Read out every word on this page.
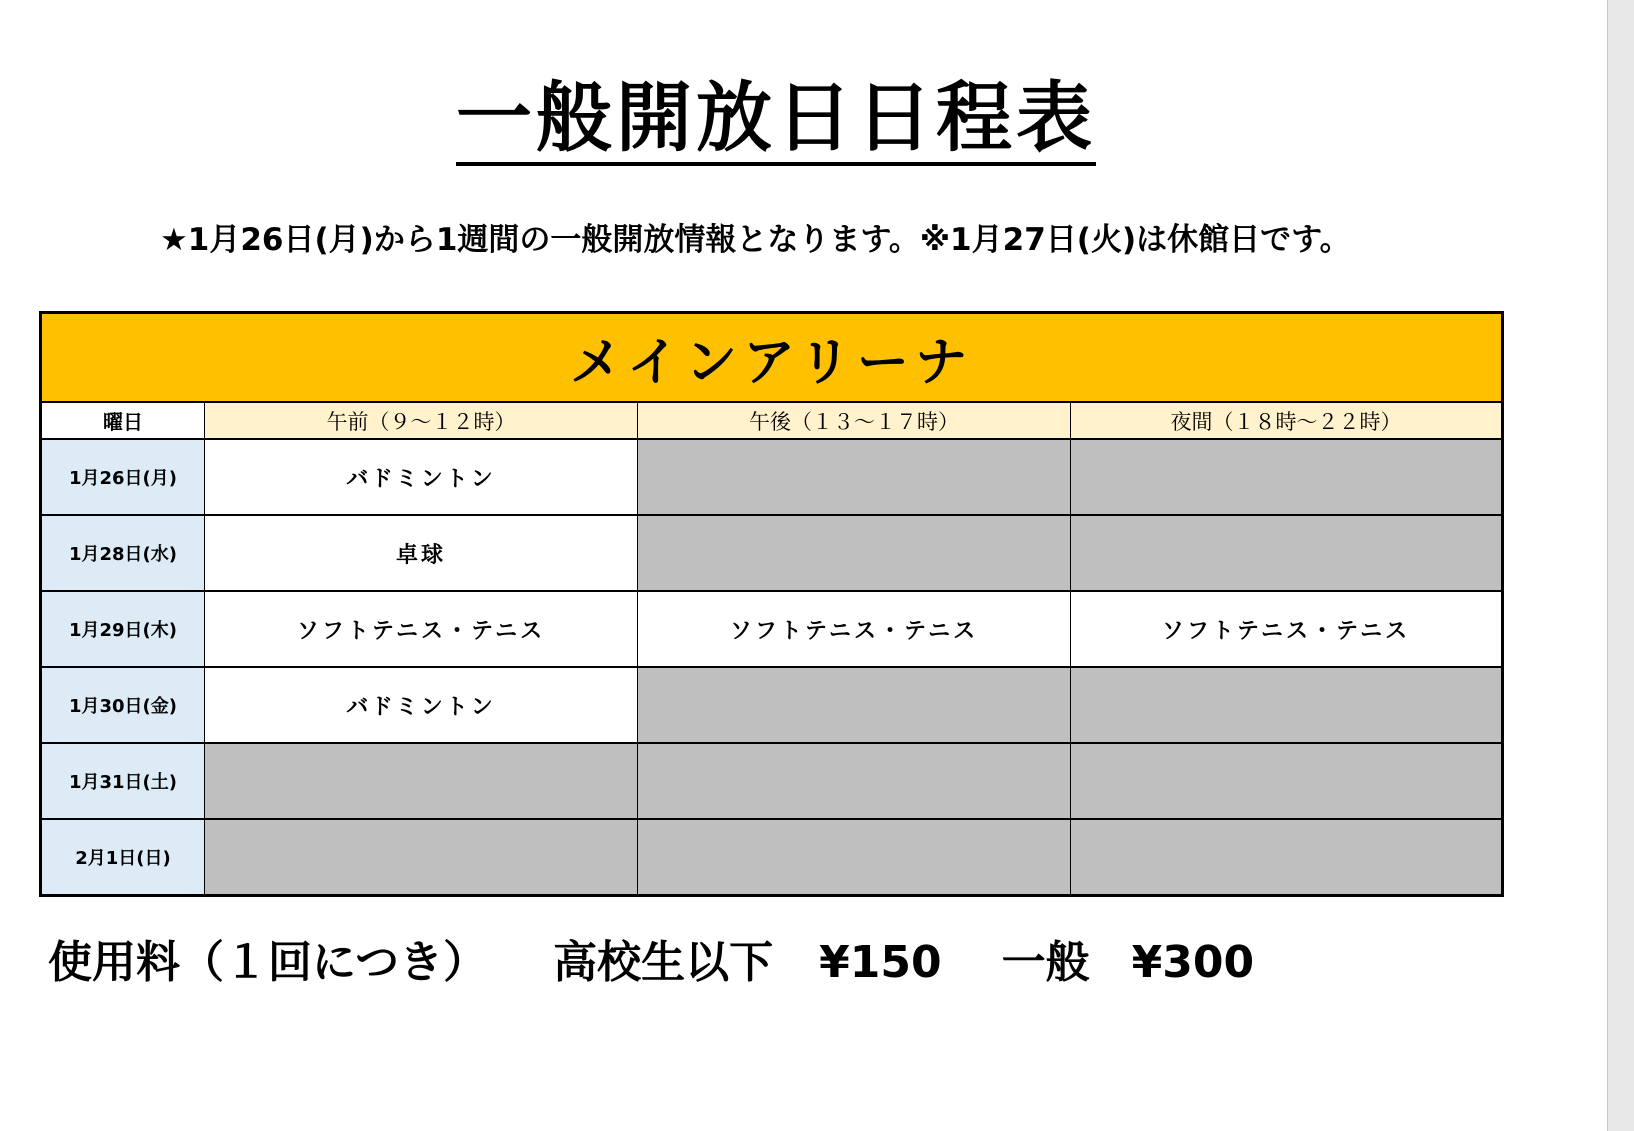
一般開放日日程表
★1月26日(月)から1週間の一般開放情報となります。※1月27日(火)は休館日です。
メインアリーナ
曜日	午前（９～１２時）	午後（１３～１７時）	夜間（１８時～２２時）
1月26日(月)	バドミントン
1月28日(水)	卓球
1月29日(木)	ソフトテニス・テニス	ソフトテニス・テニス	ソフトテニス・テニス
1月30日(金)	バドミントン
1月31日(土)
2月1日(日)
使用料（１回につき） 高校生以下 ¥150 一般 ¥300
